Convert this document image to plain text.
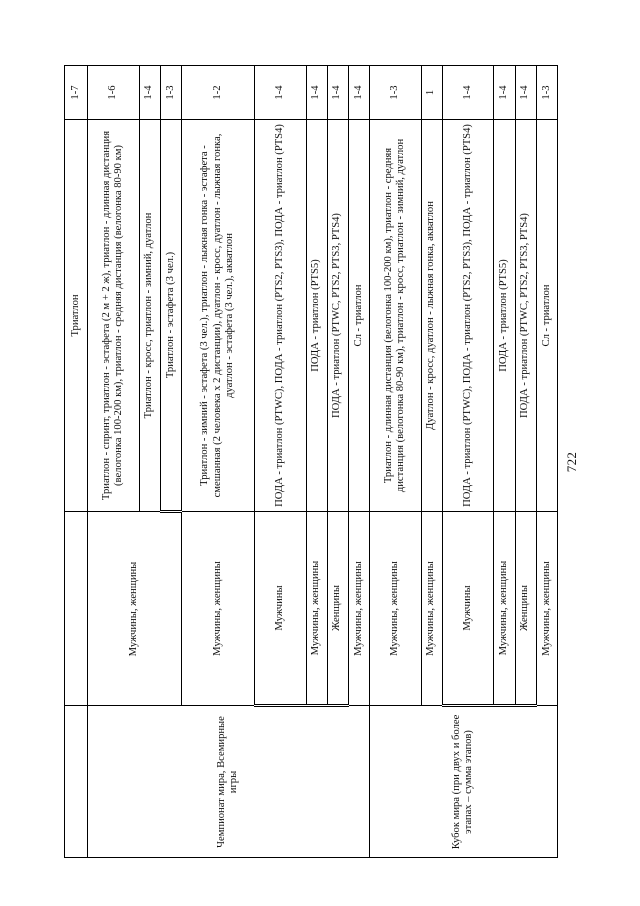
		Триатлон	1-7
Чемпионат мира, Всемирные игры	Мужчины, женщины	Триатлон - спринт, триатлон - эстафета (2 м + 2 ж), триатлон - длинная дистанция (велогонка 100-200 км), триатлон - средняя дистанция (велогонка 80-90 км)	1-6
		Триатлон - кросс, триатлон - зимний, дуатлон	1-4
		Триатлон - эстафета (3 чел.)	1-3
	Мужчины, женщины	Триатлон - зимний - эстафета (3 чел.), триатлон - лыжная гонка - эстафета - смешанная (2 человека х 2 дистанции), дуатлон - кросс, дуатлон - лыжная гонка, дуатлон - эстафета (3 чел.), акватлон	1-2
	Мужчины	ПОДА - триатлон (PTWC), ПОДА - триатлон (PTS2, PTS3), ПОДА - триатлон (PTS4)	1-4
	Мужчины, женщины	ПОДА - триатлон (PTS5)	1-4
	Женщины	ПОДА - триатлон (PTWC, PTS2, PTS3, PTS4)	1-4
	Мужчины, женщины	Сл - триатлон	1-4
Кубок мира (при двух и более этапах – сумма этапов)	Мужчины, женщины	Триатлон - длинная дистанция (велогонка 100-200 км), триатлон - средняя дистанция (велогонка 80-90 км), триатлон - кросс, триатлон - зимний, дуатлон	1-3
	Мужчины, женщины	Дуатлон - кросс, дуатлон - лыжная гонка, акватлон	1
	Мужчины	ПОДА - триатлон (PTWC), ПОДА - триатлон (PTS2, PTS3), ПОДА - триатлон (PTS4)	1-4
	Мужчины, женщины	ПОДА - триатлон (PTS5)	1-4
	Женщины	ПОДА - триатлон (PTWC, PTS2, PTS3, PTS4)	1-4
	Мужчины, женщины	Сл - триатлон	1-3
722
